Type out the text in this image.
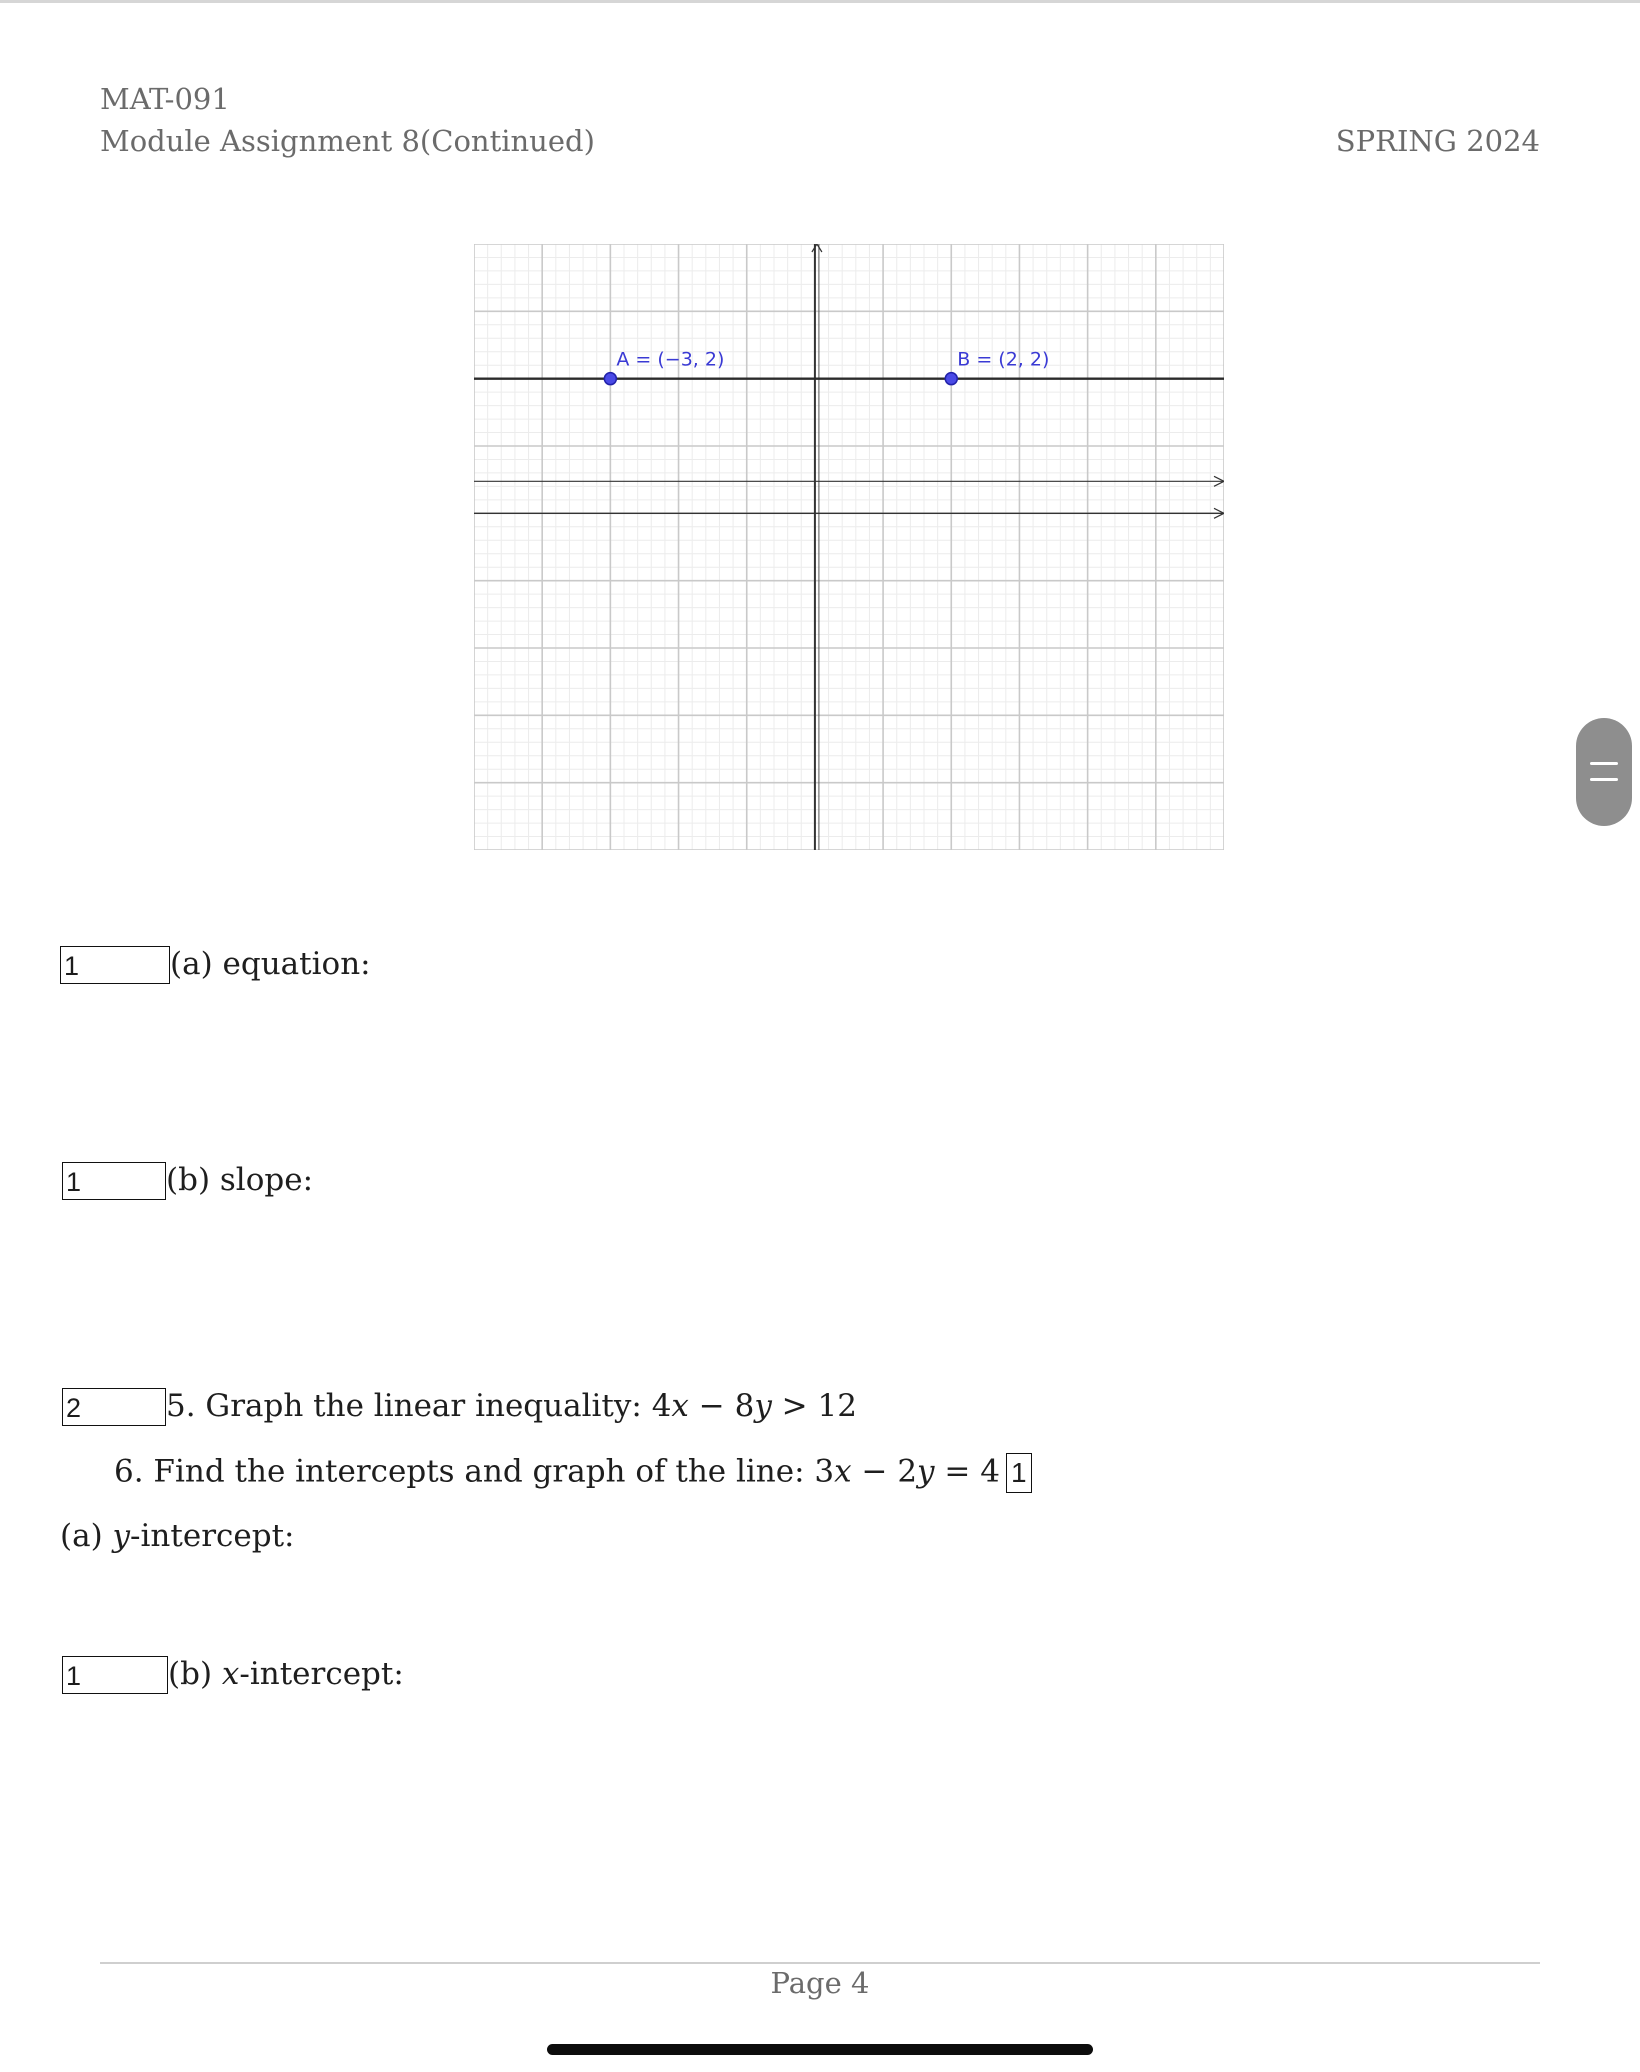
MAT-091
Module Assignment 8(Continued)	SPRING 2024
A = (−3, 2)	B = (2, 2)
1	(a) equation:
1	(b) slope:
2	5. Graph the linear inequality: 4x − 8y > 12
6. Find the intercepts and graph of the line: 3x − 2y = 4 1
(a) y-intercept:
1	(b) x-intercept:
Page 4
